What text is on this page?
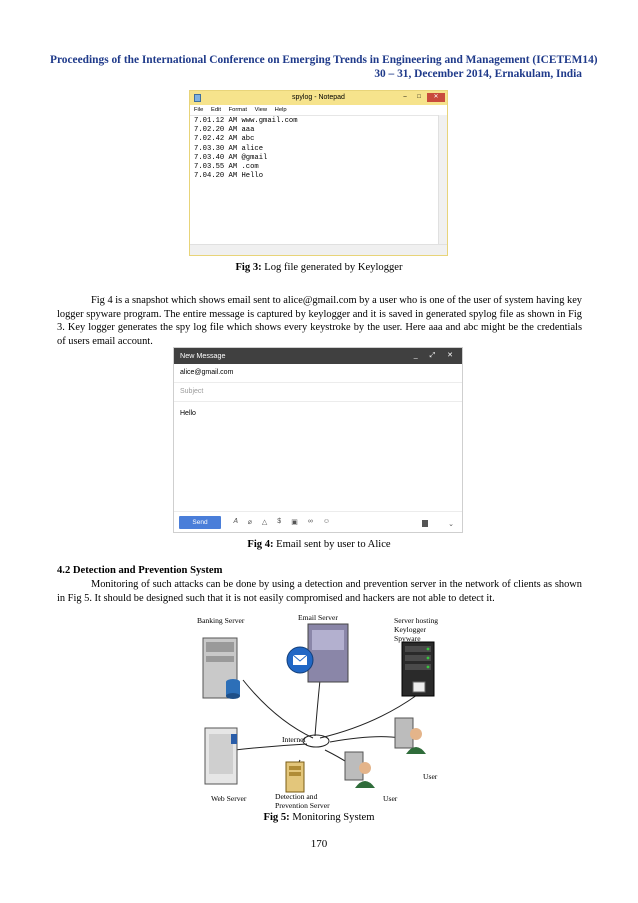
Proceedings of the International Conference on Emerging Trends in Engineering and Management (ICETEM14)
30 – 31, December 2014, Ernakulam, India
spylog - Notepad	–	□	✕
File Edit Format View Help
7.01.12 AM www.gmail.com
7.02.20 AM aaa
7.02.42 AM abc
7.03.30 AM alice
7.03.40 AM @gmail
7.03.55 AM .com
7.04.20 AM Hello
Fig 3: Log file generated by Keylogger
Fig 4 is a snapshot which shows email sent to alice@gmail.com by a user who is one of the user of system having key logger spyware program. The entire message is captured by keylogger and it is saved in generated spylog file as shown in Fig 3. Key logger generates the spy log file which shows every keystroke by the user. Here aaa and abc might be the credentials of users email account.
New Message	_ ⤢ ✕
alice@gmail.com
Subject
Hello
Send	𝐴 ⌀ △ $ ▣ ∞ ☺	⌄
Fig 4: Email sent by user to Alice
4.2 Detection and Prevention System
Monitoring of such attacks can be done by using a detection and prevention server in the network of clients as shown in Fig 5. It should be designed such that it is not easily compromised and hackers are not able to detect it.
Banking Server	Email Server	Server hosting
Keylogger
Spyware
Internet
Web Server	Detection and
Prevention Server
User
User
Fig 5: Monitoring System
170
